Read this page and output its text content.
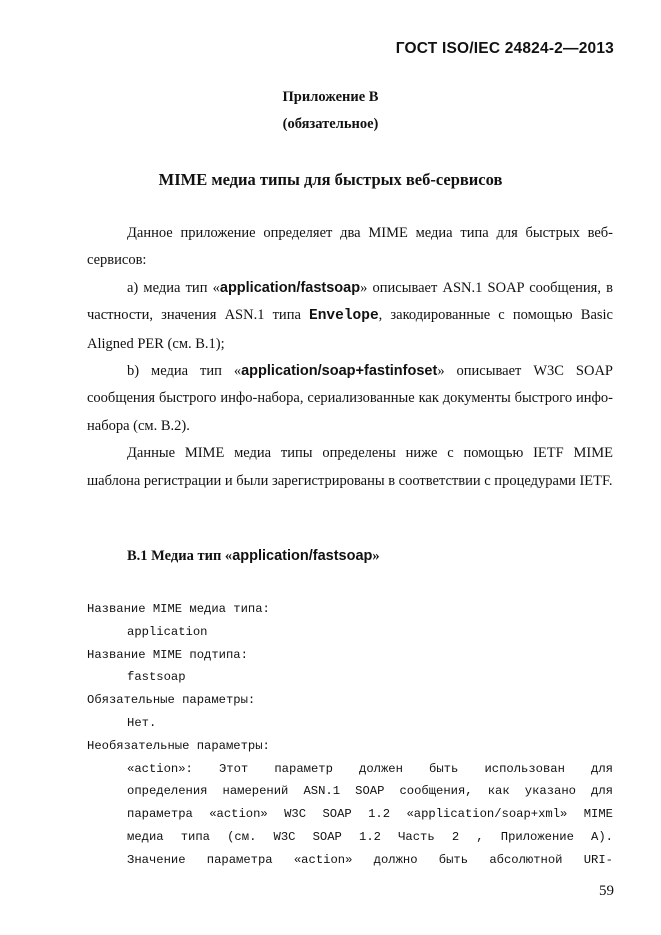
ГОСТ ISO/IEC 24824-2—2013
Приложение В
(обязательное)
MIME медиа типы для быстрых веб-сервисов

Данное приложение определяет два MIME медиа типа для быстрых веб-сервисов:

а) медиа тип «application/fastsoap» описывает ASN.1 SOAP сообщения, в частности, значения ASN.1 типа Envelope, закодированные с помощью Basic Aligned PER (см. В.1);

b) медиа тип «application/soap+fastinfoset» описывает W3C SOAP сообщения быстрого инфо-набора, сериализованные как документы быстрого инфо-набора (см. В.2).

Данные MIME медиа типы определены ниже с помощью IETF MIME шаблона регистрации и были зарегистрированы в соответствии с процедурами IETF.

В.1 Медиа тип «application/fastsoap»
Название MIME медиа типа:
application
Название MIME подтипа:
fastsoap
Обязательные параметры:
Нет.
Необязательные параметры:
«action»: Этот параметр должен быть использован для
определения намерений ASN.1 SOAP сообщения, как указано для
параметра «action» W3C SOAP 1.2 «application/soap+xml» MIME
медиа типа (см. W3C SOAP 1.2 Часть 2 , Приложение А).
Значение параметра «action» должно быть абсолютной URI-
59
